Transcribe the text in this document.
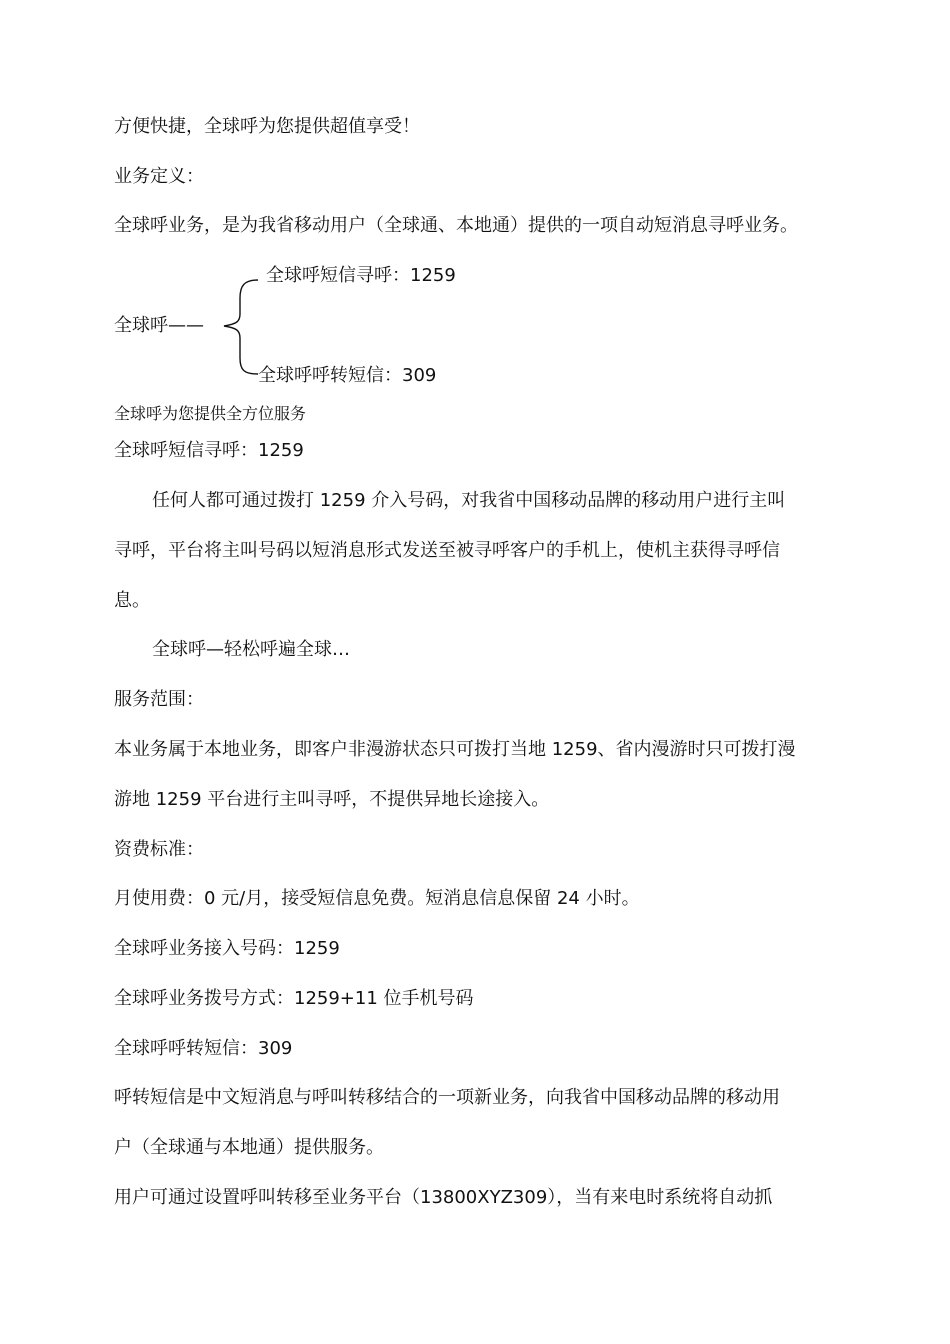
方便快捷，全球呼为您提供超值享受！
业务定义：
全球呼业务，是为我省移动用户（全球通、本地通）提供的一项自动短消息寻呼业务。
全球呼短信寻呼：1259
全球呼——
全球呼呼转短信：309
全球呼为您提供全方位服务
全球呼短信寻呼：1259
任何人都可通过拨打 1259 介入号码，对我省中国移动品牌的移动用户进行主叫
寻呼，平台将主叫号码以短消息形式发送至被寻呼客户的手机上，使机主获得寻呼信
息。
全球呼—轻松呼遍全球…
服务范围：
本业务属于本地业务，即客户非漫游状态只可拨打当地 1259、省内漫游时只可拨打漫
游地 1259 平台进行主叫寻呼，不提供异地长途接入。
资费标准：
月使用费：0 元/月，接受短信息免费。短消息信息保留 24 小时。
全球呼业务接入号码：1259
全球呼业务拨号方式：1259+11 位手机号码
全球呼呼转短信：309
呼转短信是中文短消息与呼叫转移结合的一项新业务，向我省中国移动品牌的移动用
户（全球通与本地通）提供服务。
用户可通过设置呼叫转移至业务平台（13800XYZ309），当有来电时系统将自动抓
